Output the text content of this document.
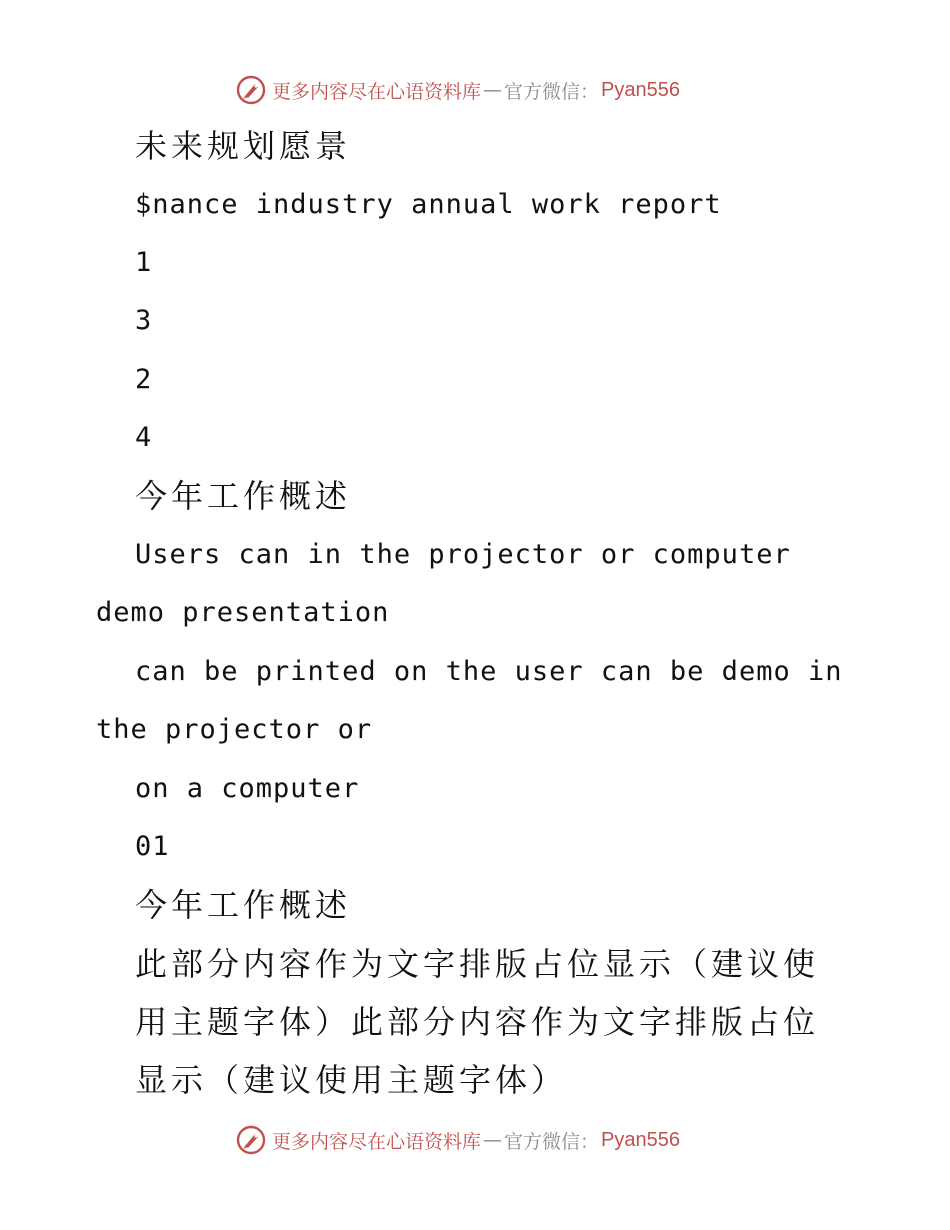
更多内容尽在心语资料库 — 官方微信： Pyan556
未来规划愿景
$nance industry annual work report
1
3
2
4
今年工作概述
Users can in the projector or computer
demo presentation
can be printed on the user can be demo in
the projector or
on a computer
01
今年工作概述
此部分内容作为文字排版占位显示（建议使
用主题字体）此部分内容作为文字排版占位
显示（建议使用主题字体）
更多内容尽在心语资料库 — 官方微信： Pyan556
